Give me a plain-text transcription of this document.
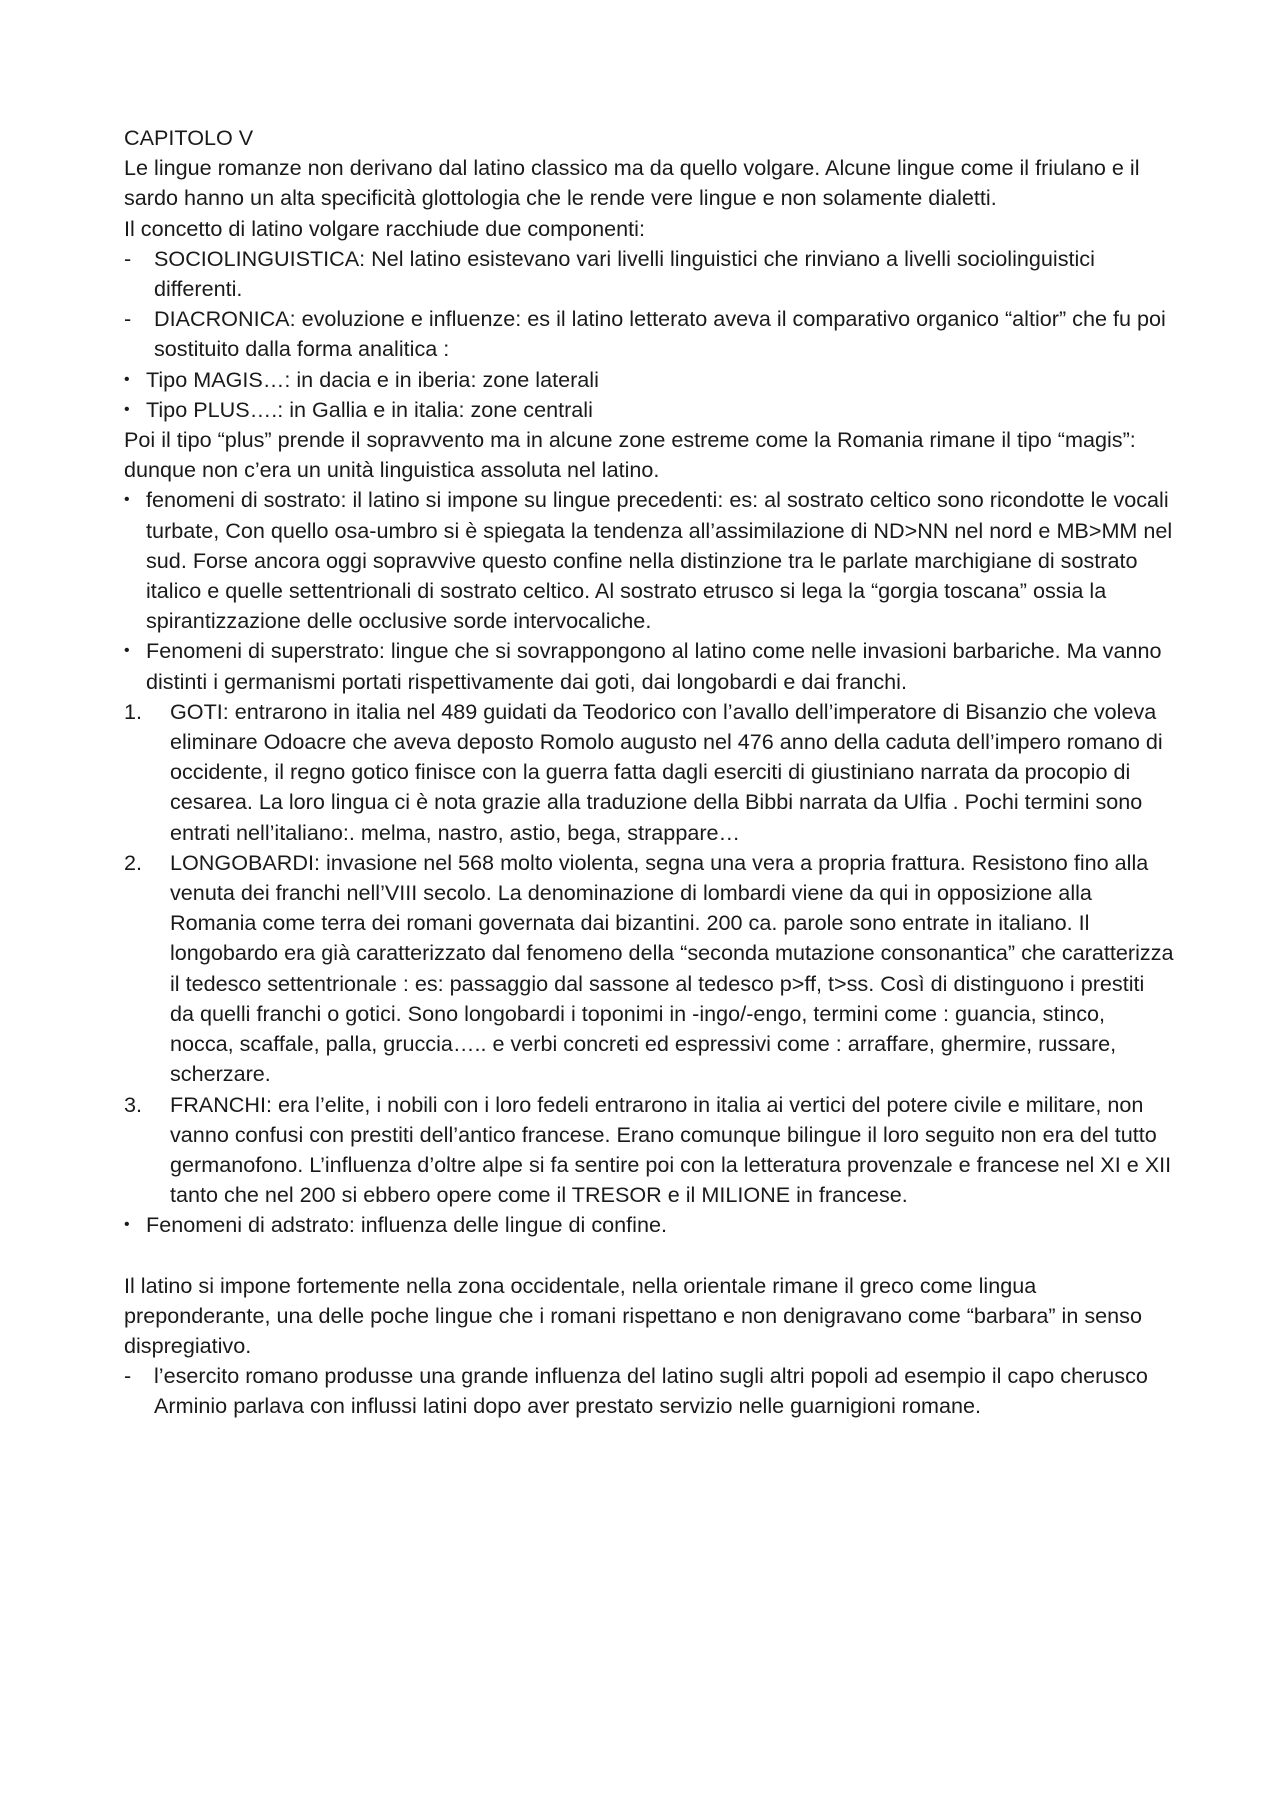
CAPITOLO V

Le lingue romanze non derivano dal latino classico ma da quello volgare. Alcune lingue come il friulano e il sardo hanno un alta specificità glottologia che le rende vere lingue e non solamente dialetti.

Il concetto di latino volgare racchiude due componenti:

-	SOCIOLINGUISTICA: Nel latino esistevano vari livelli linguistici che rinviano a livelli sociolinguistici differenti.

-	DIACRONICA: evoluzione e influenze: es il latino letterato aveva il comparativo organico “altior” che fu poi sostituito dalla forma analitica :

• Tipo MAGIS…: in dacia e in iberia: zone laterali

• Tipo PLUS….: in Gallia e in italia: zone centrali

Poi il tipo “plus” prende il sopravvento ma in alcune zone estreme come la Romania rimane il tipo “magis”: dunque non c’era un unità linguistica assoluta nel latino.

• fenomeni di sostrato: il latino si impone su lingue precedenti: es: al sostrato celtico sono ricondotte le vocali turbate, Con quello osa-umbro si è spiegata la tendenza all’assimilazione di ND>NN nel nord e MB>MM nel sud. Forse ancora oggi sopravvive questo confine nella distinzione tra le parlate marchigiane di sostrato italico e quelle settentrionali di sostrato celtico. Al sostrato etrusco si lega la “gorgia toscana” ossia la spirantizzazione delle occlusive sorde intervocaliche.

• Fenomeni di superstrato: lingue che si sovrappongono al latino come nelle invasioni barbariche. Ma vanno distinti i germanismi portati rispettivamente dai goti, dai longobardi e dai franchi.

1.	GOTI: entrarono in italia nel 489 guidati da Teodorico con l’avallo dell’imperatore di Bisanzio che voleva eliminare Odoacre che aveva deposto Romolo augusto nel 476 anno della caduta dell’impero romano di occidente, il regno gotico finisce con la guerra fatta dagli eserciti di giustiniano narrata da procopio di cesarea. La loro lingua ci è nota grazie alla traduzione della Bibbi narrata da Ulfia . Pochi termini sono entrati nell’italiano:. melma, nastro, astio, bega, strappare…

2.	LONGOBARDI: invasione nel 568 molto violenta, segna una vera a propria frattura. Resistono fino alla venuta dei franchi nell’VIII secolo. La denominazione di lombardi viene da qui in opposizione alla Romania come terra dei romani governata dai bizantini. 200 ca. parole sono entrate in italiano. Il longobardo era già caratterizzato dal fenomeno della “seconda mutazione consonantica” che caratterizza il tedesco settentrionale : es: passaggio dal sassone al tedesco p>ff, t>ss. Così di distinguono i prestiti da quelli franchi o gotici. Sono longobardi i toponimi in -ingo/-engo, termini come : guancia, stinco, nocca, scaffale, palla, gruccia….. e verbi concreti ed espressivi come : arraffare, ghermire, russare, scherzare.

3.	FRANCHI: era l’elite, i nobili con i loro fedeli entrarono in italia ai vertici del potere civile e militare, non vanno confusi con prestiti dell’antico francese. Erano comunque bilingue il loro seguito non era del tutto germanofono. L’influenza d’oltre alpe si fa sentire poi con la letteratura provenzale e francese nel XI e XII tanto che nel 200 si ebbero opere come il TRESOR e il MILIONE in francese.

• Fenomeni di adstrato: influenza delle lingue di confine.

Il latino si impone fortemente nella zona occidentale, nella orientale rimane il greco come lingua preponderante, una delle poche lingue che i romani rispettano e non denigravano come “barbara” in senso dispregiativo.

-	l’esercito romano produsse una grande influenza del latino sugli altri popoli ad esempio il capo cherusco Arminio parlava con influssi latini dopo aver prestato servizio nelle guarnigioni romane.
